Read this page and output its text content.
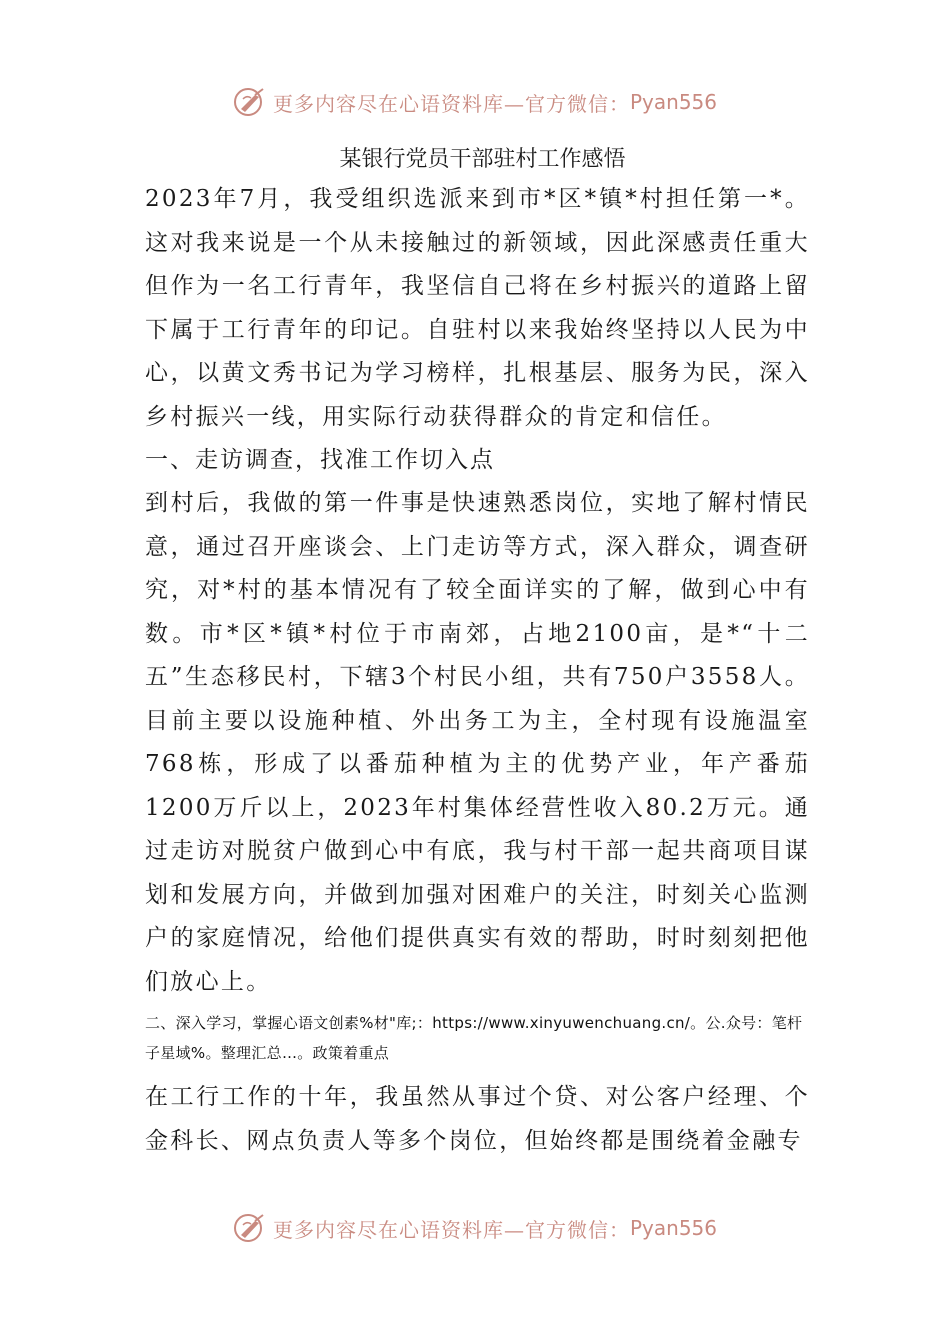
更多内容尽在心语资料库—官方微信： Pyan556
某银行党员干部驻村工作感悟

2023年7月，我受组织选派来到市*区*镇*村担任第一*。这对我来说是一个从未接触过的新领域，因此深感责任重大但作为一名工行青年，我坚信自己将在乡村振兴的道路上留下属于工行青年的印记。自驻村以来我始终坚持以人民为中心，以黄文秀书记为学习榜样，扎根基层、服务为民，深入乡村振兴一线，用实际行动获得群众的肯定和信任。

一、走访调查，找准工作切入点

到村后，我做的第一件事是快速熟悉岗位，实地了解村情民意，通过召开座谈会、上门走访等方式，深入群众，调查研究，对*村的基本情况有了较全面详实的了解，做到心中有数。市*区*镇*村位于市南郊，占地2100亩，是*“十二五”生态移民村，下辖3个村民小组，共有750户3558人。目前主要以设施种植、外出务工为主，全村现有设施温室768栋，形成了以番茄种植为主的优势产业，年产番茄1200万斤以上，2023年村集体经营性收入80.2万元。通过走访对脱贫户做到心中有底，我与村干部一起共商项目谋划和发展方向，并做到加强对困难户的关注，时刻关心监测户的家庭情况，给他们提供真实有效的帮助，时时刻刻把他们放心上。

二、深入学习，掌握心语文创素%材"库;：https://www.xinyuwenchuang.cn/。公.众号：笔杆子星域%。整理汇总…。政策着重点

在工行工作的十年，我虽然从事过个贷、对公客户经理、个金科长、网点负责人等多个岗位，但始终都是围绕着金融专

更多内容尽在心语资料库—官方微信： Pyan556
